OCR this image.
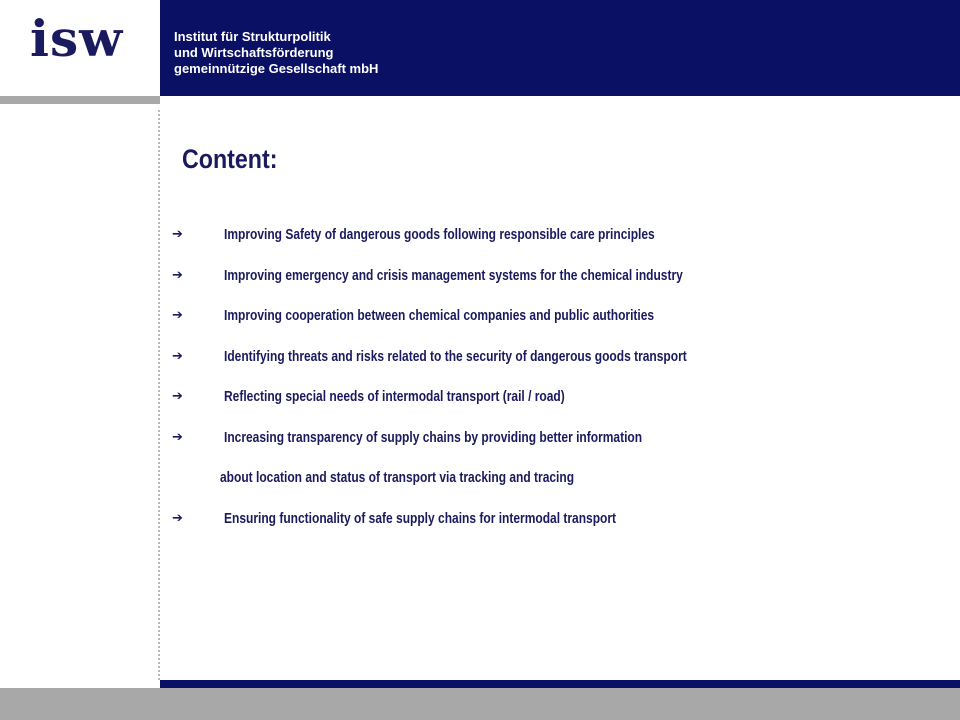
isw	Institut für Strukturpolitik
und Wirtschaftsförderung
gemeinnützige Gesellschaft mbH
Content:
➔	Improving Safety of dangerous goods following responsible care principles
➔	Improving emergency and crisis management systems for the chemical industry
➔	Improving cooperation between chemical companies and public authorities
➔	Identifying threats and risks related to the security of dangerous goods transport
➔	Reflecting special needs of intermodal transport (rail / road)
➔	Increasing transparency of supply chains by providing better information
about location and status of transport via tracking and tracing
➔	Ensuring functionality of safe supply chains for intermodal transport
